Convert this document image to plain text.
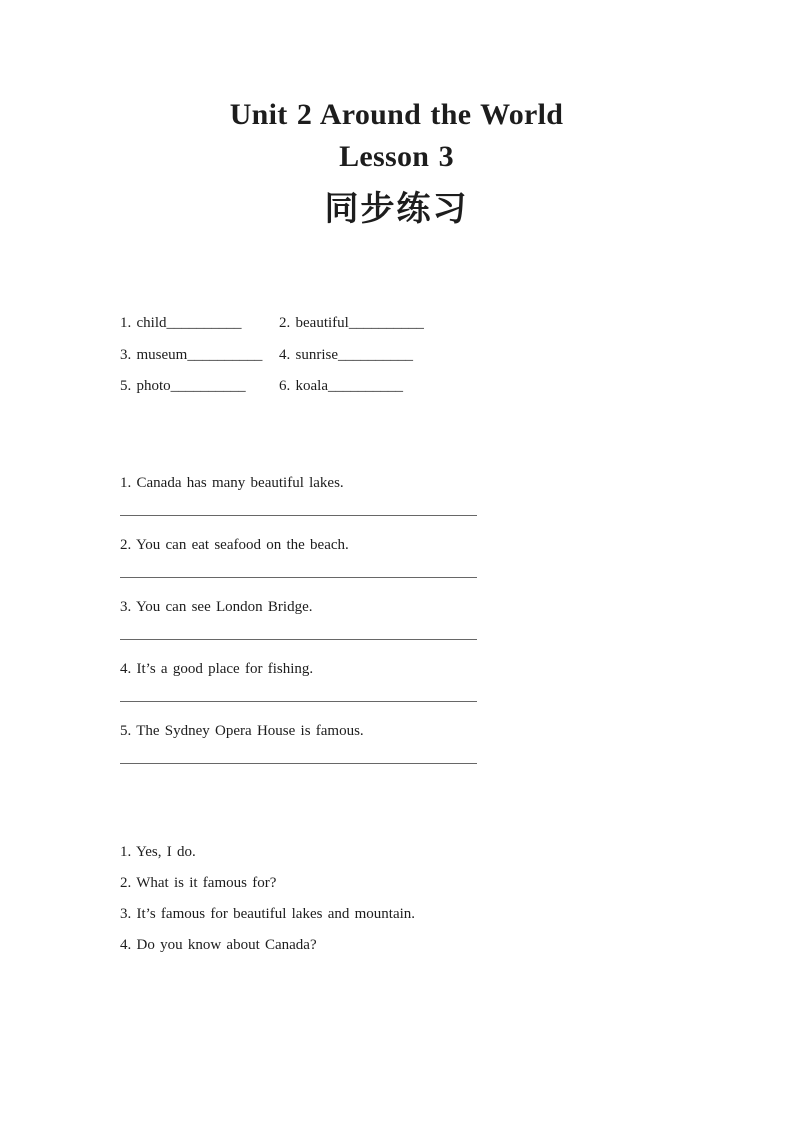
Unit 2 Around the World
Lesson 3
同步练习
1. child__________	2. beautiful__________
3. museum__________	4. sunrise__________
5. photo__________	6. koala__________

1. Canada has many beautiful lakes.

2. You can eat seafood on the beach.

3. You can see London Bridge.

4. It’s a good place for fishing.

5. The Sydney Opera House is famous.

1. Yes, I do.

2. What is it famous for?

3. It’s famous for beautiful lakes and mountain.

4. Do you know about Canada?
